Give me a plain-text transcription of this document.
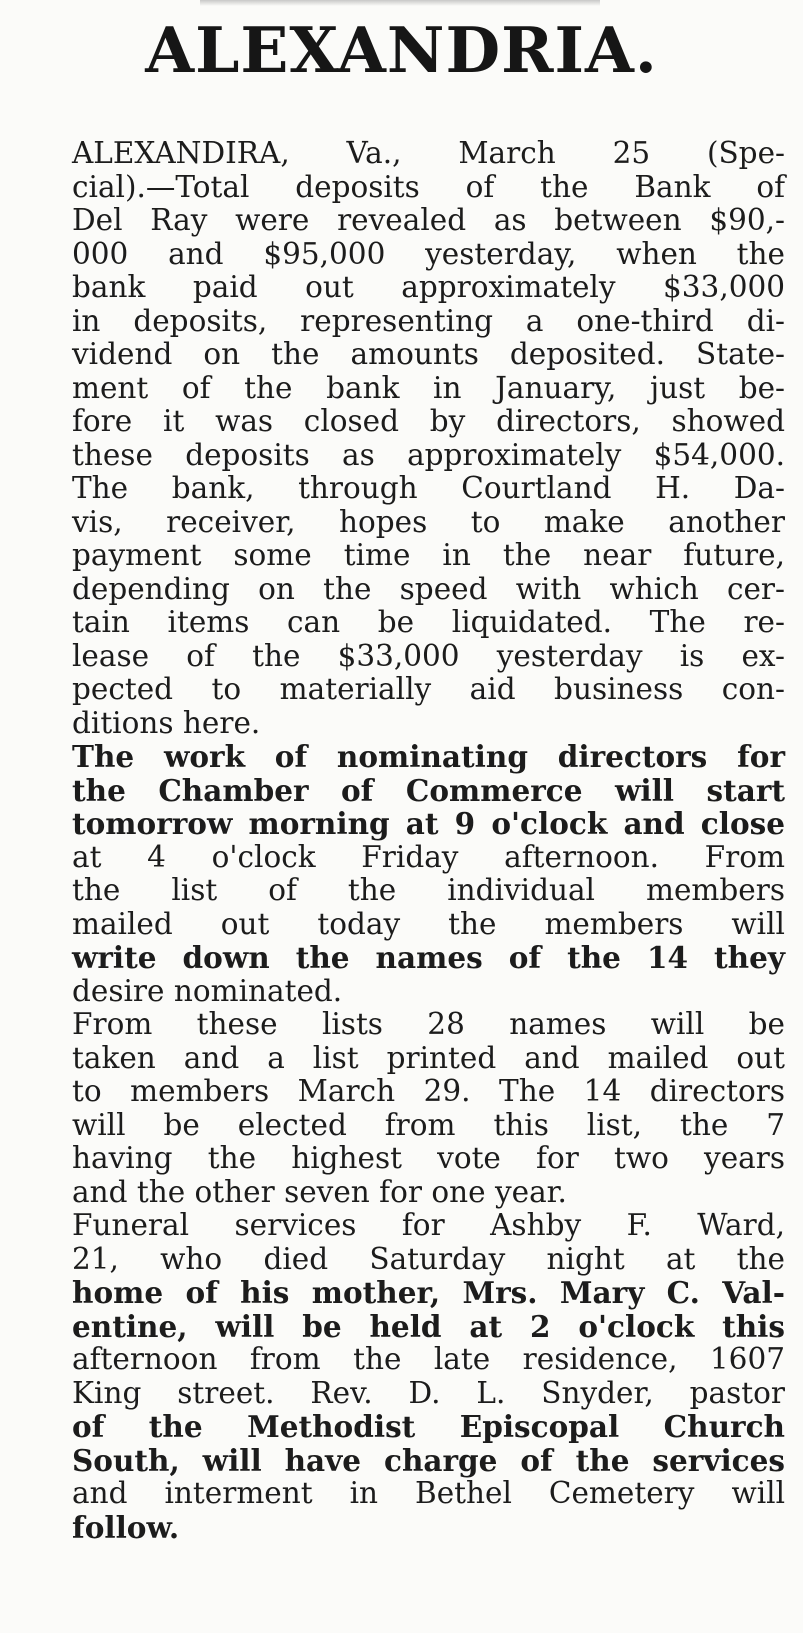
ALEXANDRIA.
ALEXANDIRA, Va., March 25 (Spe-
cial).—Total deposits of the Bank of
Del Ray were revealed as between $90,-
000 and $95,000 yesterday, when the
bank paid out approximately $33,000
in deposits, representing a one-third di-
vidend on the amounts deposited. State-
ment of the bank in January, just be-
fore it was closed by directors, showed
these deposits as approximately $54,000.
The bank, through Courtland H. Da-
vis, receiver, hopes to make another
payment some time in the near future,
depending on the speed with which cer-
tain items can be liquidated. The re-
lease of the $33,000 yesterday is ex-
pected to materially aid business con-
ditions here.
The work of nominating directors for
the Chamber of Commerce will start
tomorrow morning at 9 o'clock and close
at 4 o'clock Friday afternoon. From
the list of the individual members
mailed out today the members will
write down the names of the 14 they
desire nominated.
From these lists 28 names will be
taken and a list printed and mailed out
to members March 29. The 14 directors
will be elected from this list, the 7
having the highest vote for two years
and the other seven for one year.
Funeral services for Ashby F. Ward,
21, who died Saturday night at the
home of his mother, Mrs. Mary C. Val-
entine, will be held at 2 o'clock this
afternoon from the late residence, 1607
King street. Rev. D. L. Snyder, pastor
of the Methodist Episcopal Church
South, will have charge of the services
and interment in Bethel Cemetery will
follow.
